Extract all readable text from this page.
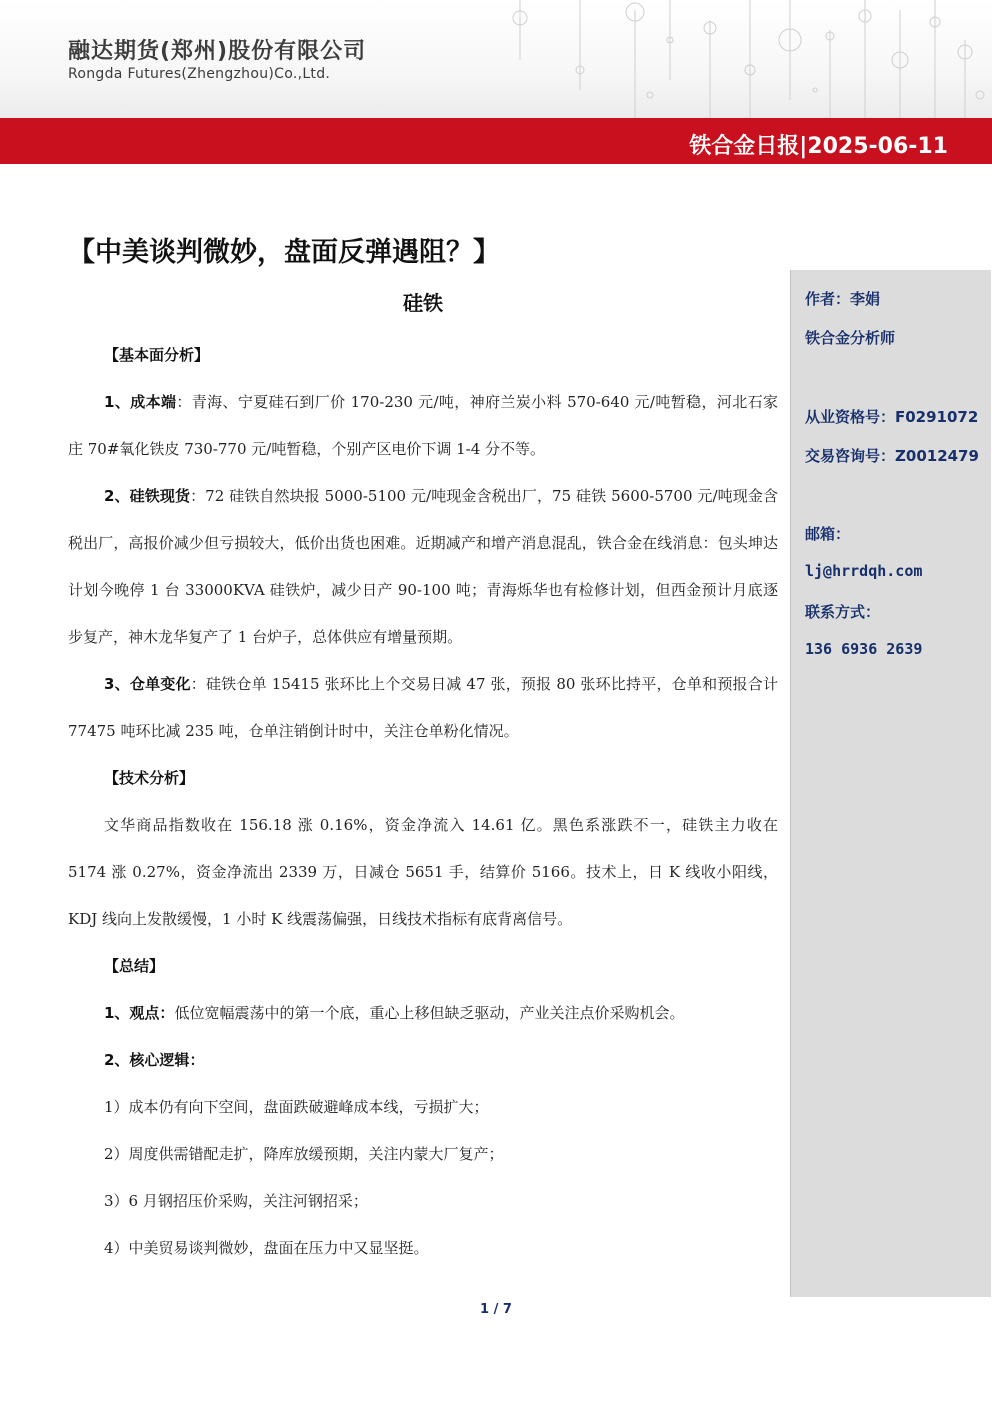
融达期货(郑州)股份有限公司
Rongda Futures(Zhengzhou)Co.,Ltd.
铁合金日报|2025-06-11
【中美谈判微妙，盘面反弹遇阻？】
硅铁

【基本面分析】

1、成本端：青海、宁夏硅石到厂价 170-230 元/吨，神府兰炭小料 570-640 元/吨暂稳，河北石家庄 70#氧化铁皮 730-770 元/吨暂稳，个别产区电价下调 1-4 分不等。

2、硅铁现货：72 硅铁自然块报 5000-5100 元/吨现金含税出厂，75 硅铁 5600-5700 元/吨现金含税出厂，高报价减少但亏损较大，低价出货也困难。近期减产和增产消息混乱，铁合金在线消息：包头坤达计划今晚停 1 台 33000KVA 硅铁炉，减少日产 90-100 吨；青海烁华也有检修计划，但西金预计月底逐步复产，神木龙华复产了 1 台炉子，总体供应有增量预期。

3、仓单变化：硅铁仓单 15415 张环比上个交易日减 47 张，预报 80 张环比持平，仓单和预报合计 77475 吨环比减 235 吨，仓单注销倒计时中，关注仓单粉化情况。

【技术分析】

文华商品指数收在 156.18 涨 0.16%，资金净流入 14.61 亿。黑色系涨跌不一，硅铁主力收在 5174 涨 0.27%，资金净流出 2339 万，日减仓 5651 手，结算价 5166。技术上，日 K 线收小阳线，KDJ 线向上发散缓慢，1 小时 K 线震荡偏强，日线技术指标有底背离信号。

【总结】

1、观点：低位宽幅震荡中的第一个底，重心上移但缺乏驱动，产业关注点价采购机会。

2、核心逻辑：

1）成本仍有向下空间，盘面跌破避峰成本线，亏损扩大；

2）周度供需错配走扩，降库放缓预期，关注内蒙大厂复产；

3）6 月钢招压价采购，关注河钢招采；

4）中美贸易谈判微妙，盘面在压力中又显坚挺。

作者：李娟
铁合金分析师
从业资格号：F0291072
交易咨询号：Z0012479
邮箱：
lj@hrrdqh.com
联系方式：
136 6936 2639
1 / 7
